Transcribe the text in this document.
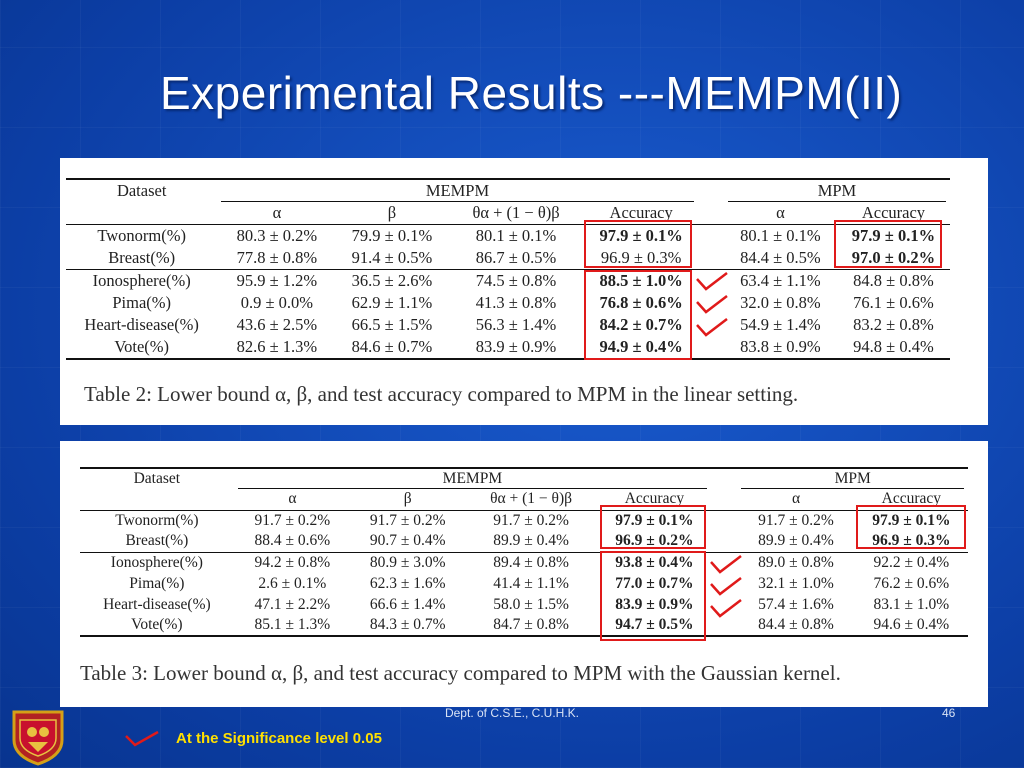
Experimental Results ---MEMPM(II)
Dataset	MEMPM					MPM	
	α	β	θα + (1 − θ)β	Accuracy		α	Accuracy
Twonorm(%)	80.3 ± 0.2%	79.9 ± 0.1%	80.1 ± 0.1%	97.9 ± 0.1%		80.1 ± 0.1%	97.9 ± 0.1%
Breast(%)	77.8 ± 0.8%	91.4 ± 0.5%	86.7 ± 0.5%	96.9 ± 0.3%		84.4 ± 0.5%	97.0 ± 0.2%
Ionosphere(%)	95.9 ± 1.2%	36.5 ± 2.6%	74.5 ± 0.8%	88.5 ± 1.0%		63.4 ± 1.1%	84.8 ± 0.8%
Pima(%)	0.9 ± 0.0%	62.9 ± 1.1%	41.3 ± 0.8%	76.8 ± 0.6%		32.0 ± 0.8%	76.1 ± 0.6%
Heart-disease(%)	43.6 ± 2.5%	66.5 ± 1.5%	56.3 ± 1.4%	84.2 ± 0.7%		54.9 ± 1.4%	83.2 ± 0.8%
Vote(%)	82.6 ± 1.3%	84.6 ± 0.7%	83.9 ± 0.9%	94.9 ± 0.4%		83.8 ± 0.9%	94.8 ± 0.4%

Table 2: Lower bound α, β, and test accuracy compared to MPM in the linear setting.

Dataset	MEMPM					MPM	
	α	β	θα + (1 − θ)β	Accuracy		α	Accuracy
Twonorm(%)	91.7 ± 0.2%	91.7 ± 0.2%	91.7 ± 0.2%	97.9 ± 0.1%		91.7 ± 0.2%	97.9 ± 0.1%
Breast(%)	88.4 ± 0.6%	90.7 ± 0.4%	89.9 ± 0.4%	96.9 ± 0.2%		89.9 ± 0.4%	96.9 ± 0.3%
Ionosphere(%)	94.2 ± 0.8%	80.9 ± 3.0%	89.4 ± 0.8%	93.8 ± 0.4%		89.0 ± 0.8%	92.2 ± 0.4%
Pima(%)	2.6 ± 0.1%	62.3 ± 1.6%	41.4 ± 1.1%	77.0 ± 0.7%		32.1 ± 1.0%	76.2 ± 0.6%
Heart-disease(%)	47.1 ± 2.2%	66.6 ± 1.4%	58.0 ± 1.5%	83.9 ± 0.9%		57.4 ± 1.6%	83.1 ± 1.0%
Vote(%)	85.1 ± 1.3%	84.3 ± 0.7%	84.7 ± 0.8%	94.7 ± 0.5%		84.4 ± 0.8%	94.6 ± 0.4%

Table 3: Lower bound α, β, and test accuracy compared to MPM with the Gaussian kernel.

Dept. of C.S.E., C.U.H.K.	46
At the Significance level 0.05
